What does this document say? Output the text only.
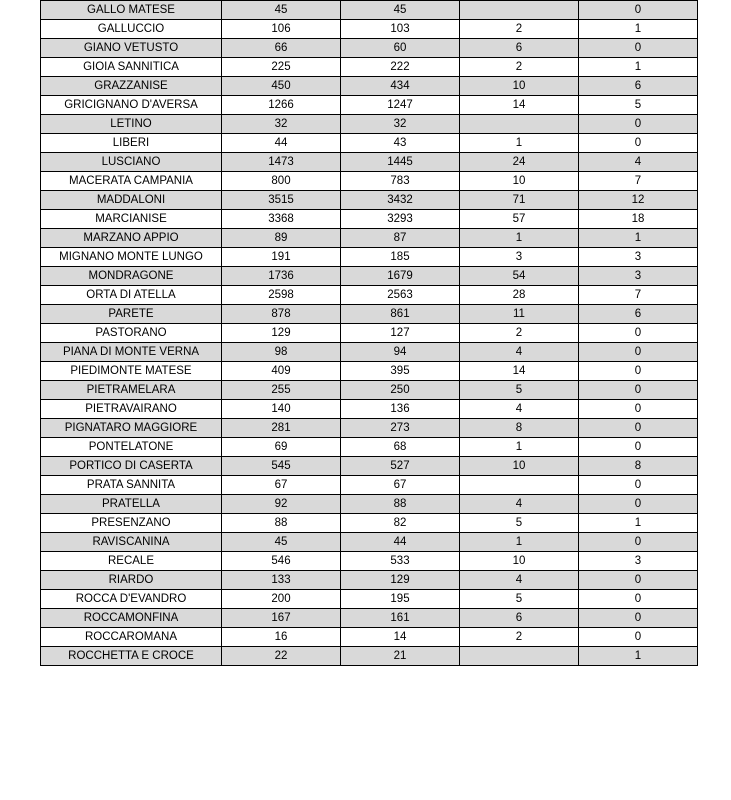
GALLO MATESE	45	45		0
GALLUCCIO	106	103	2	1
GIANO VETUSTO	66	60	6	0
GIOIA SANNITICA	225	222	2	1
GRAZZANISE	450	434	10	6
GRICIGNANO D'AVERSA	1266	1247	14	5
LETINO	32	32		0
LIBERI	44	43	1	0
LUSCIANO	1473	1445	24	4
MACERATA CAMPANIA	800	783	10	7
MADDALONI	3515	3432	71	12
MARCIANISE	3368	3293	57	18
MARZANO APPIO	89	87	1	1
MIGNANO MONTE LUNGO	191	185	3	3
MONDRAGONE	1736	1679	54	3
ORTA DI ATELLA	2598	2563	28	7
PARETE	878	861	11	6
PASTORANO	129	127	2	0
PIANA DI MONTE VERNA	98	94	4	0
PIEDIMONTE MATESE	409	395	14	0
PIETRAMELARA	255	250	5	0
PIETRAVAIRANO	140	136	4	0
PIGNATARO MAGGIORE	281	273	8	0
PONTELATONE	69	68	1	0
PORTICO DI CASERTA	545	527	10	8
PRATA SANNITA	67	67		0
PRATELLA	92	88	4	0
PRESENZANO	88	82	5	1
RAVISCANINA	45	44	1	0
RECALE	546	533	10	3
RIARDO	133	129	4	0
ROCCA D'EVANDRO	200	195	5	0
ROCCAMONFINA	167	161	6	0
ROCCAROMANA	16	14	2	0
ROCCHETTA E CROCE	22	21		1
